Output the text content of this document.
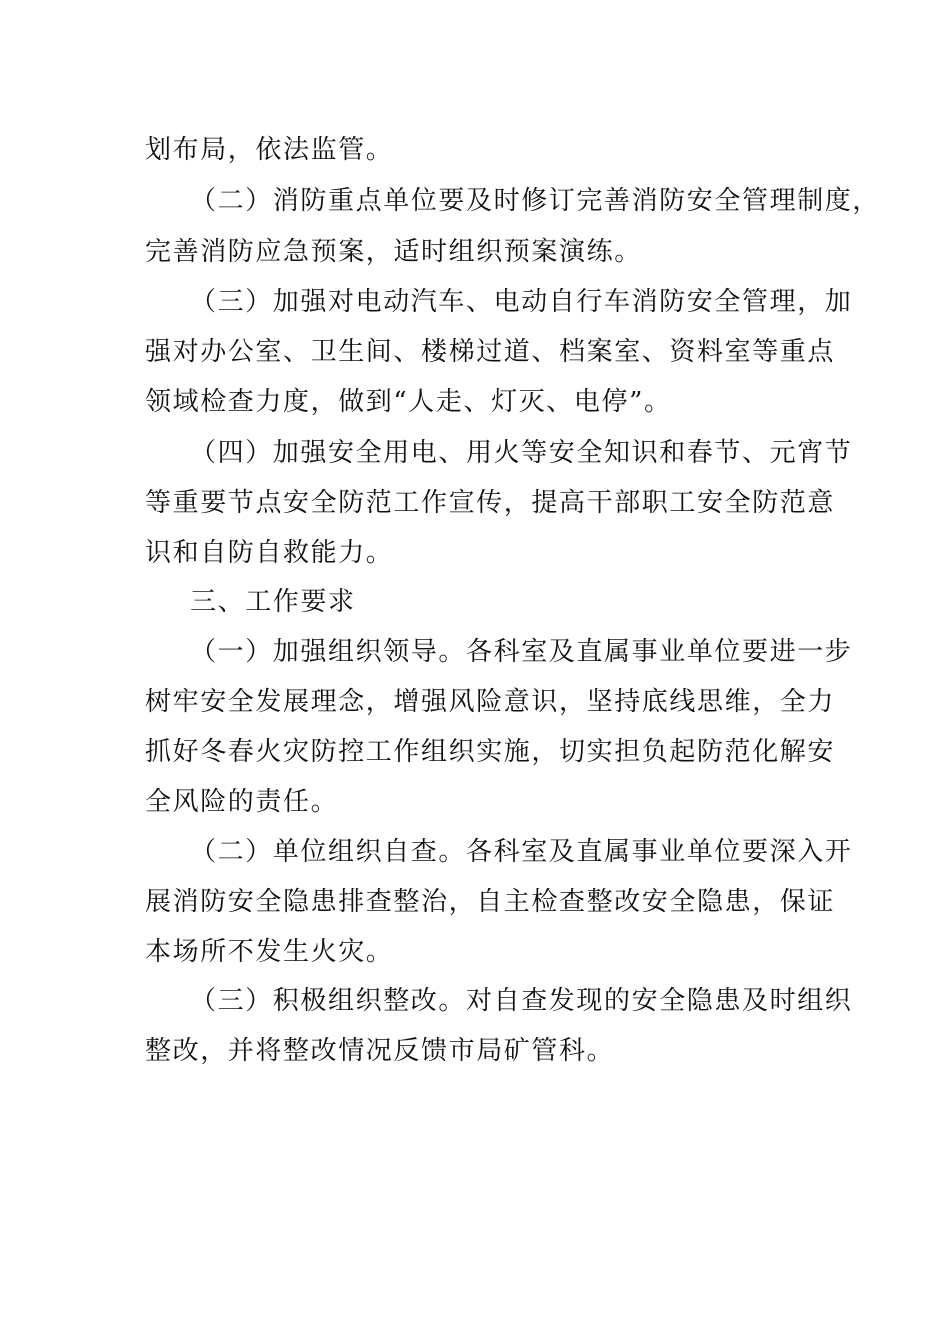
划布局，依法监管。
（二）消防重点单位要及时修订完善消防安全管理制度，
完善消防应急预案，适时组织预案演练。
（三）加强对电动汽车、电动自行车消防安全管理，加
强对办公室、卫生间、楼梯过道、档案室、资料室等重点
领域检查力度，做到“人走、灯灭、电停”。
（四）加强安全用电、用火等安全知识和春节、元宵节
等重要节点安全防范工作宣传，提高干部职工安全防范意
识和自防自救能力。
三、工作要求
（一）加强组织领导。各科室及直属事业单位要进一步
树牢安全发展理念，增强风险意识，坚持底线思维，全力
抓好冬春火灾防控工作组织实施，切实担负起防范化解安
全风险的责任。
（二）单位组织自查。各科室及直属事业单位要深入开
展消防安全隐患排查整治，自主检查整改安全隐患，保证
本场所不发生火灾。
（三）积极组织整改。对自查发现的安全隐患及时组织
整改，并将整改情况反馈市局矿管科。
